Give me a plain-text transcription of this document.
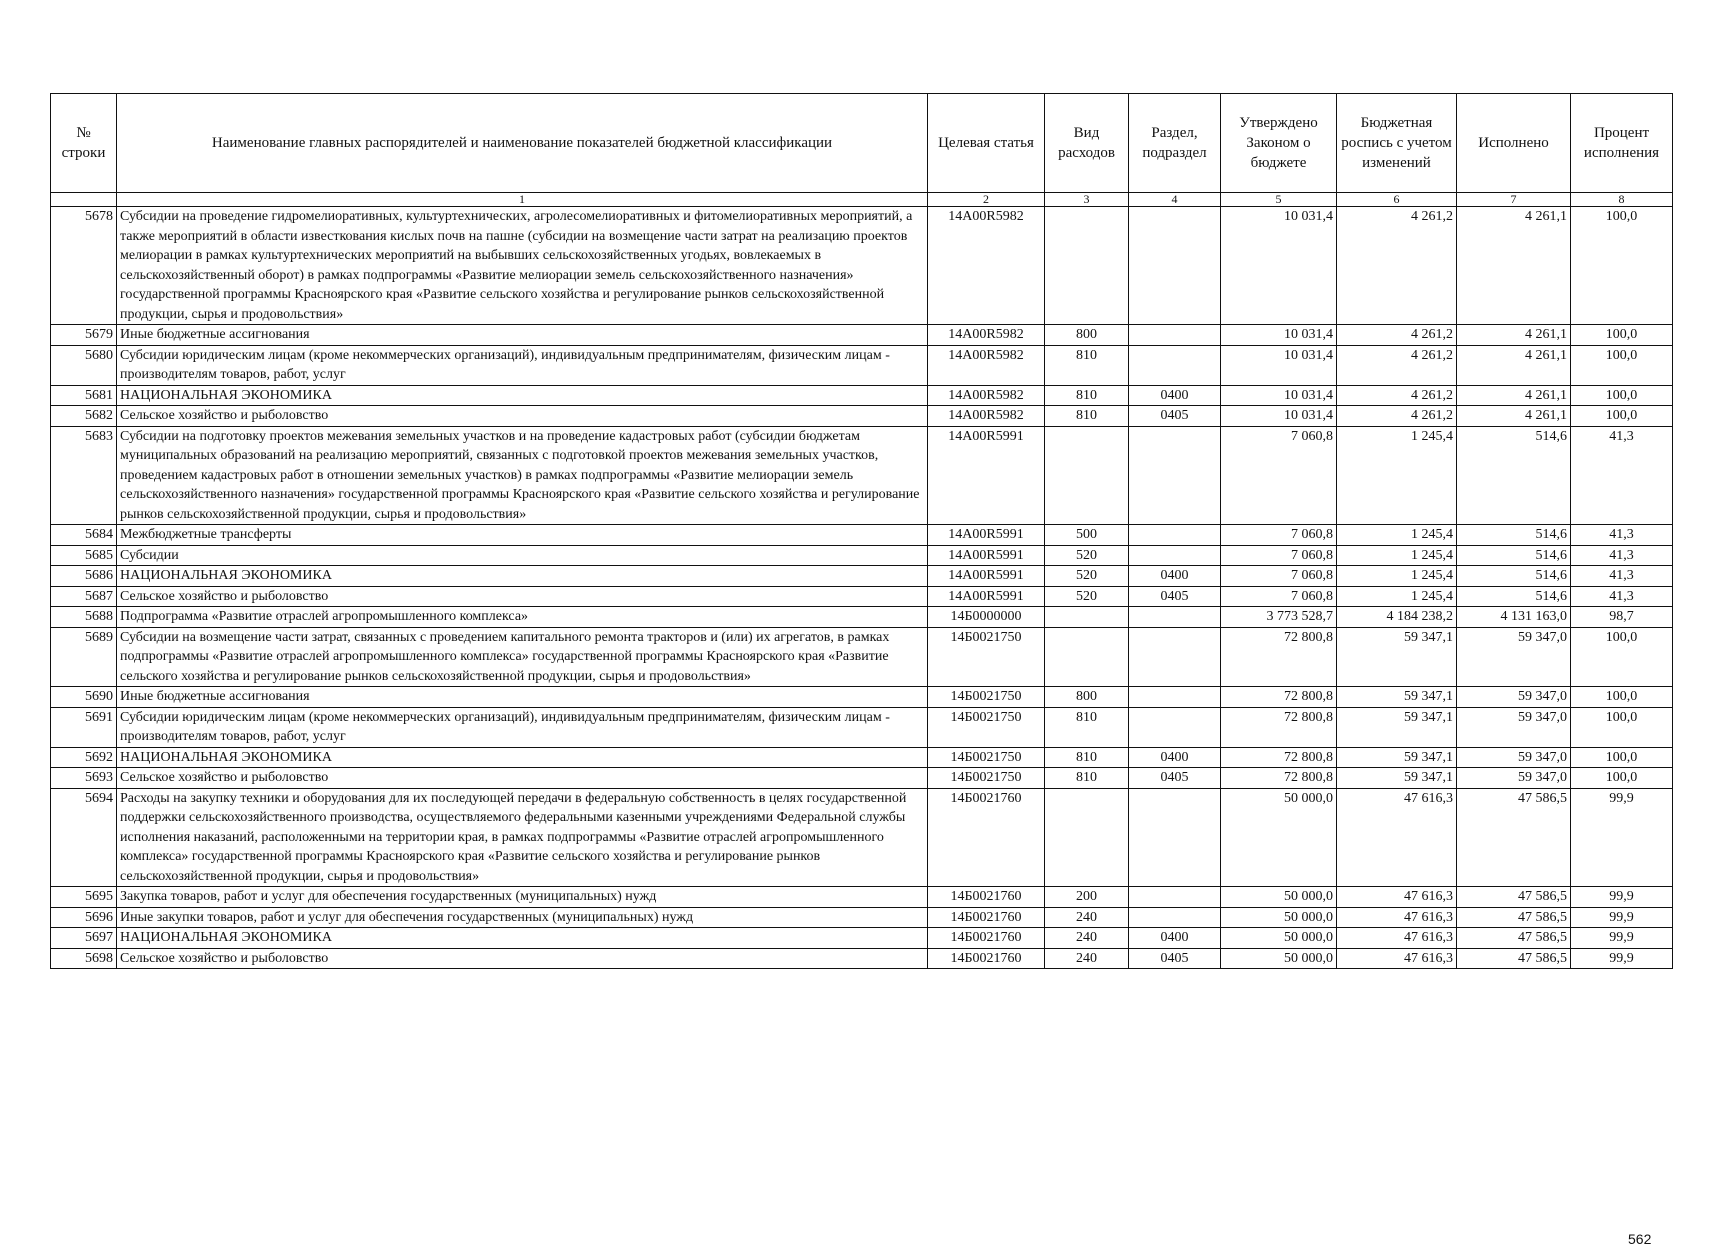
№ строки	Наименование главных распорядителей и наименование показателей бюджетной классификации	Целевая статья	Вид расходов	Раздел, подраздел	Утверждено Законом о бюджете	Бюджетная роспись с учетом изменений	Исполнено	Процент исполнения
	1	2	3	4	5	6	7	8
5678	Субсидии на проведение гидромелиоративных, культуртехнических, агролесомелиоративных и фитомелиоративных мероприятий, а также мероприятий в области известкования кислых почв на пашне (субсидии на возмещение части затрат на реализацию проектов мелиорации в рамках культуртехнических мероприятий на выбывших сельскохозяйственных угодьях, вовлекаемых в сельскохозяйственный оборот) в рамках подпрограммы «Развитие мелиорации земель сельскохозяйственного назначения» государственной программы Красноярского края «Развитие сельского хозяйства и регулирование рынков сельскохозяйственной продукции, сырья и продовольствия»	14А00R5982			10 031,4	4 261,2	4 261,1	100,0
5679	Иные бюджетные ассигнования	14А00R5982	800		10 031,4	4 261,2	4 261,1	100,0
5680	Субсидии юридическим лицам (кроме некоммерческих организаций), индивидуальным предпринимателям, физическим лицам - производителям товаров, работ, услуг	14А00R5982	810		10 031,4	4 261,2	4 261,1	100,0
5681	НАЦИОНАЛЬНАЯ ЭКОНОМИКА	14А00R5982	810	0400	10 031,4	4 261,2	4 261,1	100,0
5682	Сельское хозяйство и рыболовство	14А00R5982	810	0405	10 031,4	4 261,2	4 261,1	100,0
5683	Субсидии на подготовку проектов межевания земельных участков и на проведение кадастровых работ (субсидии бюджетам муниципальных образований на реализацию мероприятий, связанных с подготовкой проектов межевания земельных участков, проведением кадастровых работ в отношении земельных участков) в рамках подпрограммы «Развитие мелиорации земель сельскохозяйственного назначения» государственной программы Красноярского края «Развитие сельского хозяйства и регулирование рынков сельскохозяйственной продукции, сырья и продовольствия»	14А00R5991			7 060,8	1 245,4	514,6	41,3
5684	Межбюджетные трансферты	14А00R5991	500		7 060,8	1 245,4	514,6	41,3
5685	Субсидии	14А00R5991	520		7 060,8	1 245,4	514,6	41,3
5686	НАЦИОНАЛЬНАЯ ЭКОНОМИКА	14А00R5991	520	0400	7 060,8	1 245,4	514,6	41,3
5687	Сельское хозяйство и рыболовство	14А00R5991	520	0405	7 060,8	1 245,4	514,6	41,3
5688	Подпрограмма «Развитие отраслей агропромышленного комплекса»	14Б0000000			3 773 528,7	4 184 238,2	4 131 163,0	98,7
5689	Субсидии на возмещение части затрат, связанных с проведением капитального ремонта тракторов и (или) их агрегатов, в рамках подпрограммы «Развитие отраслей агропромышленного комплекса» государственной программы Красноярского края «Развитие сельского хозяйства и регулирование рынков сельскохозяйственной продукции, сырья и продовольствия»	14Б0021750			72 800,8	59 347,1	59 347,0	100,0
5690	Иные бюджетные ассигнования	14Б0021750	800		72 800,8	59 347,1	59 347,0	100,0
5691	Субсидии юридическим лицам (кроме некоммерческих организаций), индивидуальным предпринимателям, физическим лицам - производителям товаров, работ, услуг	14Б0021750	810		72 800,8	59 347,1	59 347,0	100,0
5692	НАЦИОНАЛЬНАЯ ЭКОНОМИКА	14Б0021750	810	0400	72 800,8	59 347,1	59 347,0	100,0
5693	Сельское хозяйство и рыболовство	14Б0021750	810	0405	72 800,8	59 347,1	59 347,0	100,0
5694	Расходы на закупку техники и оборудования для их последующей передачи в федеральную собственность в целях государственной поддержки сельскохозяйственного производства, осуществляемого федеральными казенными учреждениями Федеральной службы исполнения наказаний, расположенными на территории края, в рамках подпрограммы «Развитие отраслей агропромышленного комплекса» государственной программы Красноярского края «Развитие сельского хозяйства и регулирование рынков сельскохозяйственной продукции, сырья и продовольствия»	14Б0021760			50 000,0	47 616,3	47 586,5	99,9
5695	Закупка товаров, работ и услуг для обеспечения государственных (муниципальных) нужд	14Б0021760	200		50 000,0	47 616,3	47 586,5	99,9
5696	Иные закупки товаров, работ и услуг для обеспечения государственных (муниципальных) нужд	14Б0021760	240		50 000,0	47 616,3	47 586,5	99,9
5697	НАЦИОНАЛЬНАЯ ЭКОНОМИКА	14Б0021760	240	0400	50 000,0	47 616,3	47 586,5	99,9
5698	Сельское хозяйство и рыболовство	14Б0021760	240	0405	50 000,0	47 616,3	47 586,5	99,9
562
